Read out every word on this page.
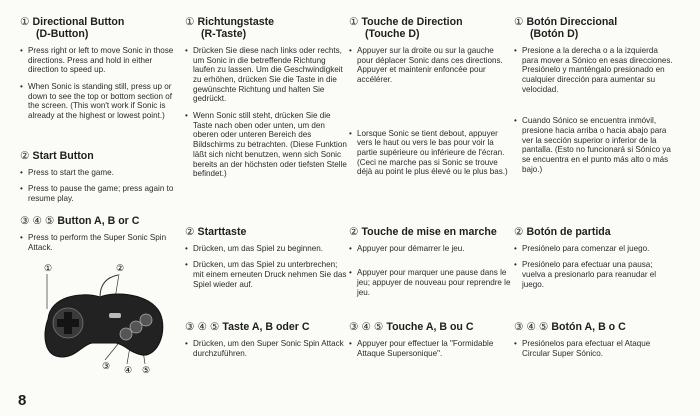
① Directional Button
(D-Button)
• Press right or left to move Sonic in those directions. Press and hold in either direction to speed up.
• When Sonic is standing still, press up or down to see the top or bottom section of the screen. (This won't work if Sonic is already at the highest or lowest point.)
② Start Button
• Press to start the game.
• Press to pause the game; press again to resume play.
③ ④ ⑤ Button A, B or C
• Press to perform the Super Sonic Spin Attack.
①	②
③ ④ ⑤
8
① Richtungstaste
(R-Taste)
• Drücken Sie diese nach links oder rechts, um Sonic in die betreffende Richtung laufen zu lassen. Um die Geschwindigkeit zu erhöhen, drücken Sie die Taste in die gewünschte Richtung und halten Sie gedrückt.
• Wenn Sonic still steht, drücken Sie die Taste nach oben oder unten, um den oberen oder unteren Bereich des Bildschirms zu betrachten. (Diese Funktion läßt sich nicht benutzen, wenn sich Sonic bereits an der höchsten oder tiefsten Stelle befindet.)
② Starttaste
• Drücken, um das Spiel zu beginnen.
• Drücken, um das Spiel zu unterbrechen; mit einem erneuten Druck nehmen Sie das Spiel wieder auf.
③ ④ ⑤ Taste A, B oder C
• Drücken, um den Super Sonic Spin Attack durchzuführen.
① Touche de Direction
(Touche D)
• Appuyer sur la droite ou sur la gauche pour déplacer Sonic dans ces directions. Appuyer et maintenir enfoncée pour accélérer.
• Lorsque Sonic se tient debout, appuyer vers le haut ou vers le bas pour voir la partie supérieure ou inférieure de l'écran. (Ceci ne marche pas si Sonic se trouve déjà au point le plus élevé ou le plus bas.)
② Touche de mise en marche
• Appuyer pour démarrer le jeu.
• Appuyer pour marquer une pause dans le jeu; appuyer de nouveau pour reprendre le jeu.
③ ④ ⑤ Touche A, B ou C
• Appuyer pour effectuer la "Formidable Attaque Supersonique".
① Botón Direccional
(Botón D)
• Presione a la derecha o a la izquierda para mover a Sónico en esas direcciones. Presiónelo y manténgalo presionado en cualquier dirección para aumentar su velocidad.
• Cuando Sónico se encuentra inmóvil, presione hacia arriba o hacia abajo para ver la sección superior o inferior de la pantalla. (Esto no funcionará si Sónico ya se encuentra en el punto más alto o más bajo.)
② Botón de partida
• Presiónelo para comenzar el juego.
• Presiónelo para efectuar una pausa; vuelva a presionarlo para reanudar el juego.
③ ④ ⑤ Botón A, B o C
• Presiónelos para efectuar el Ataque Circular Super Sónico.
